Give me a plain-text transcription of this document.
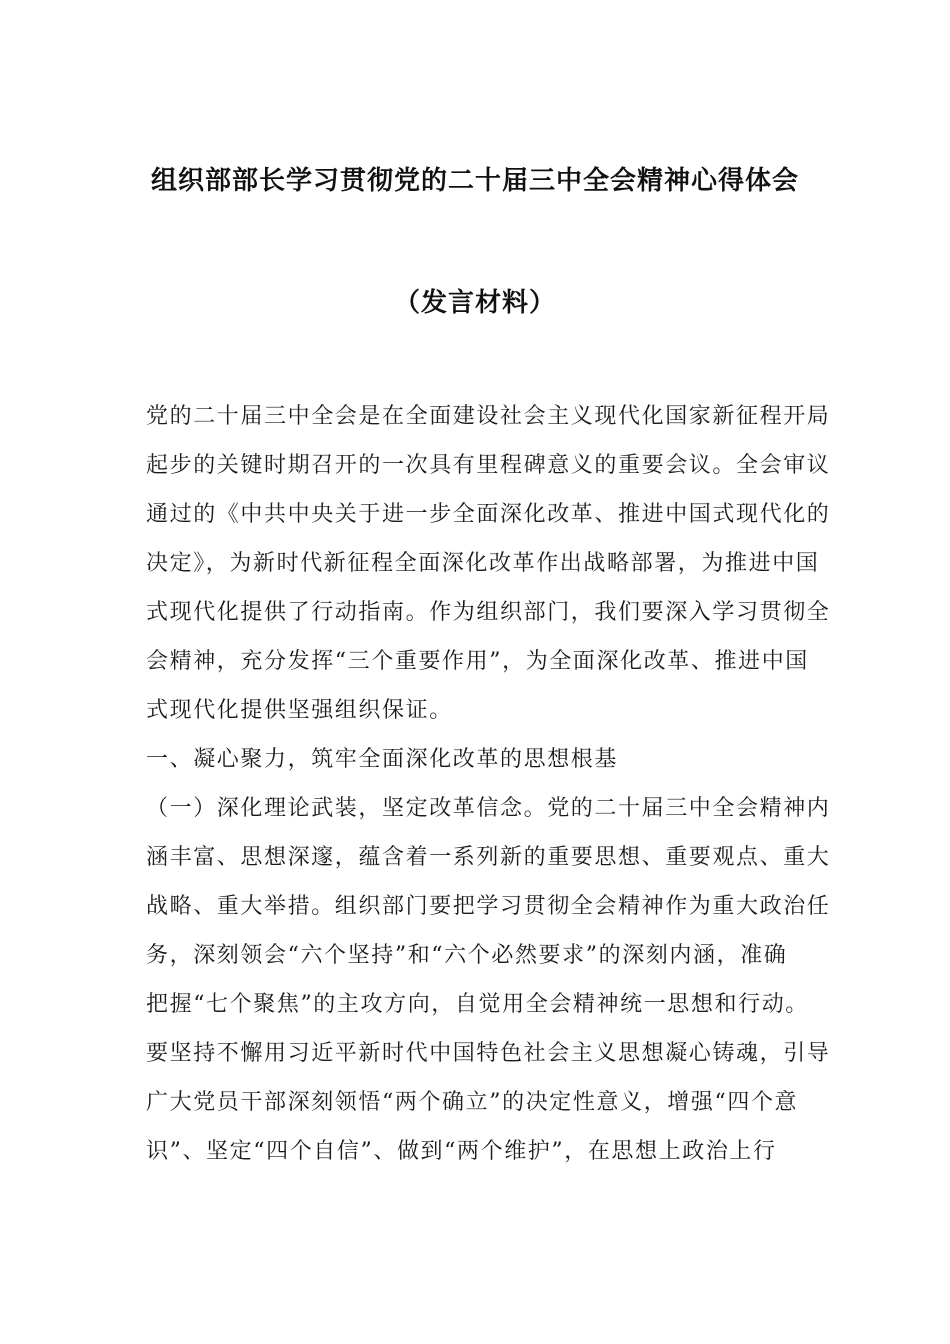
组织部部长学习贯彻党的二十届三中全会精神心得体会
（发言材料）
党的二十届三中全会是在全面建设社会主义现代化国家新征程开局
起步的关键时期召开的一次具有里程碑意义的重要会议。全会审议
通过的《中共中央关于进一步全面深化改革、推进中国式现代化的
决定》，为新时代新征程全面深化改革作出战略部署，为推进中国
式现代化提供了行动指南。作为组织部门，我们要深入学习贯彻全
会精神，充分发挥“三个重要作用”，为全面深化改革、推进中国
式现代化提供坚强组织保证。
一、凝心聚力，筑牢全面深化改革的思想根基
（一）深化理论武装，坚定改革信念。党的二十届三中全会精神内
涵丰富、思想深邃，蕴含着一系列新的重要思想、重要观点、重大
战略、重大举措。组织部门要把学习贯彻全会精神作为重大政治任
务，深刻领会“六个坚持”和“六个必然要求”的深刻内涵，准确
把握“七个聚焦”的主攻方向，自觉用全会精神统一思想和行动。
要坚持不懈用习近平新时代中国特色社会主义思想凝心铸魂，引导
广大党员干部深刻领悟“两个确立”的决定性意义，增强“四个意
识”、坚定“四个自信”、做到“两个维护”，在思想上政治上行
